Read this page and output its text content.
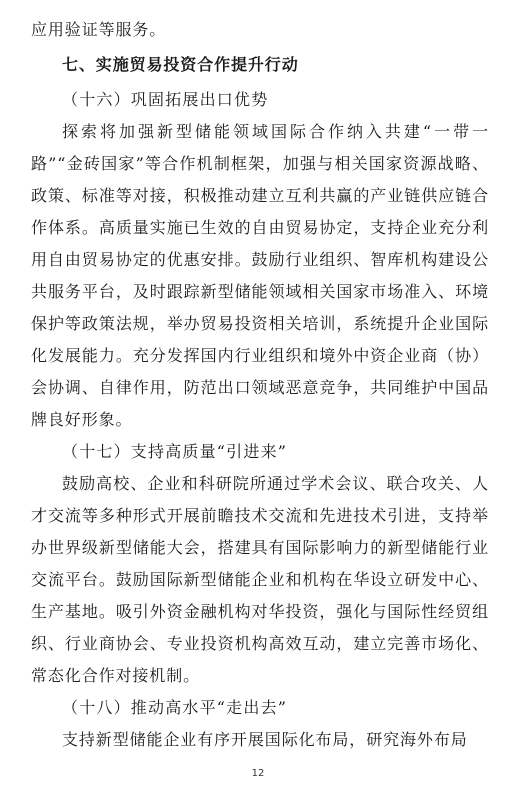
应用验证等服务。

七、实施贸易投资合作提升行动

（十六）巩固拓展出口优势

探索将加强新型储能领域国际合作纳入共建“一带一路”“金砖国家”等合作机制框架，加强与相关国家资源战略、政策、标准等对接，积极推动建立互利共赢的产业链供应链合作体系。高质量实施已生效的自由贸易协定，支持企业充分利用自由贸易协定的优惠安排。鼓励行业组织、智库机构建设公共服务平台，及时跟踪新型储能领域相关国家市场准入、环境保护等政策法规，举办贸易投资相关培训，系统提升企业国际化发展能力。充分发挥国内行业组织和境外中资企业商（协）会协调、自律作用，防范出口领域恶意竞争，共同维护中国品牌良好形象。

（十七）支持高质量“引进来”

鼓励高校、企业和科研院所通过学术会议、联合攻关、人才交流等多种形式开展前瞻技术交流和先进技术引进，支持举办世界级新型储能大会，搭建具有国际影响力的新型储能行业交流平台。鼓励国际新型储能企业和机构在华设立研发中心、生产基地。吸引外资金融机构对华投资，强化与国际性经贸组织、行业商协会、专业投资机构高效互动，建立完善市场化、常态化合作对接机制。

（十八）推动高水平“走出去”

支持新型储能企业有序开展国际化布局，研究海外布局

12
